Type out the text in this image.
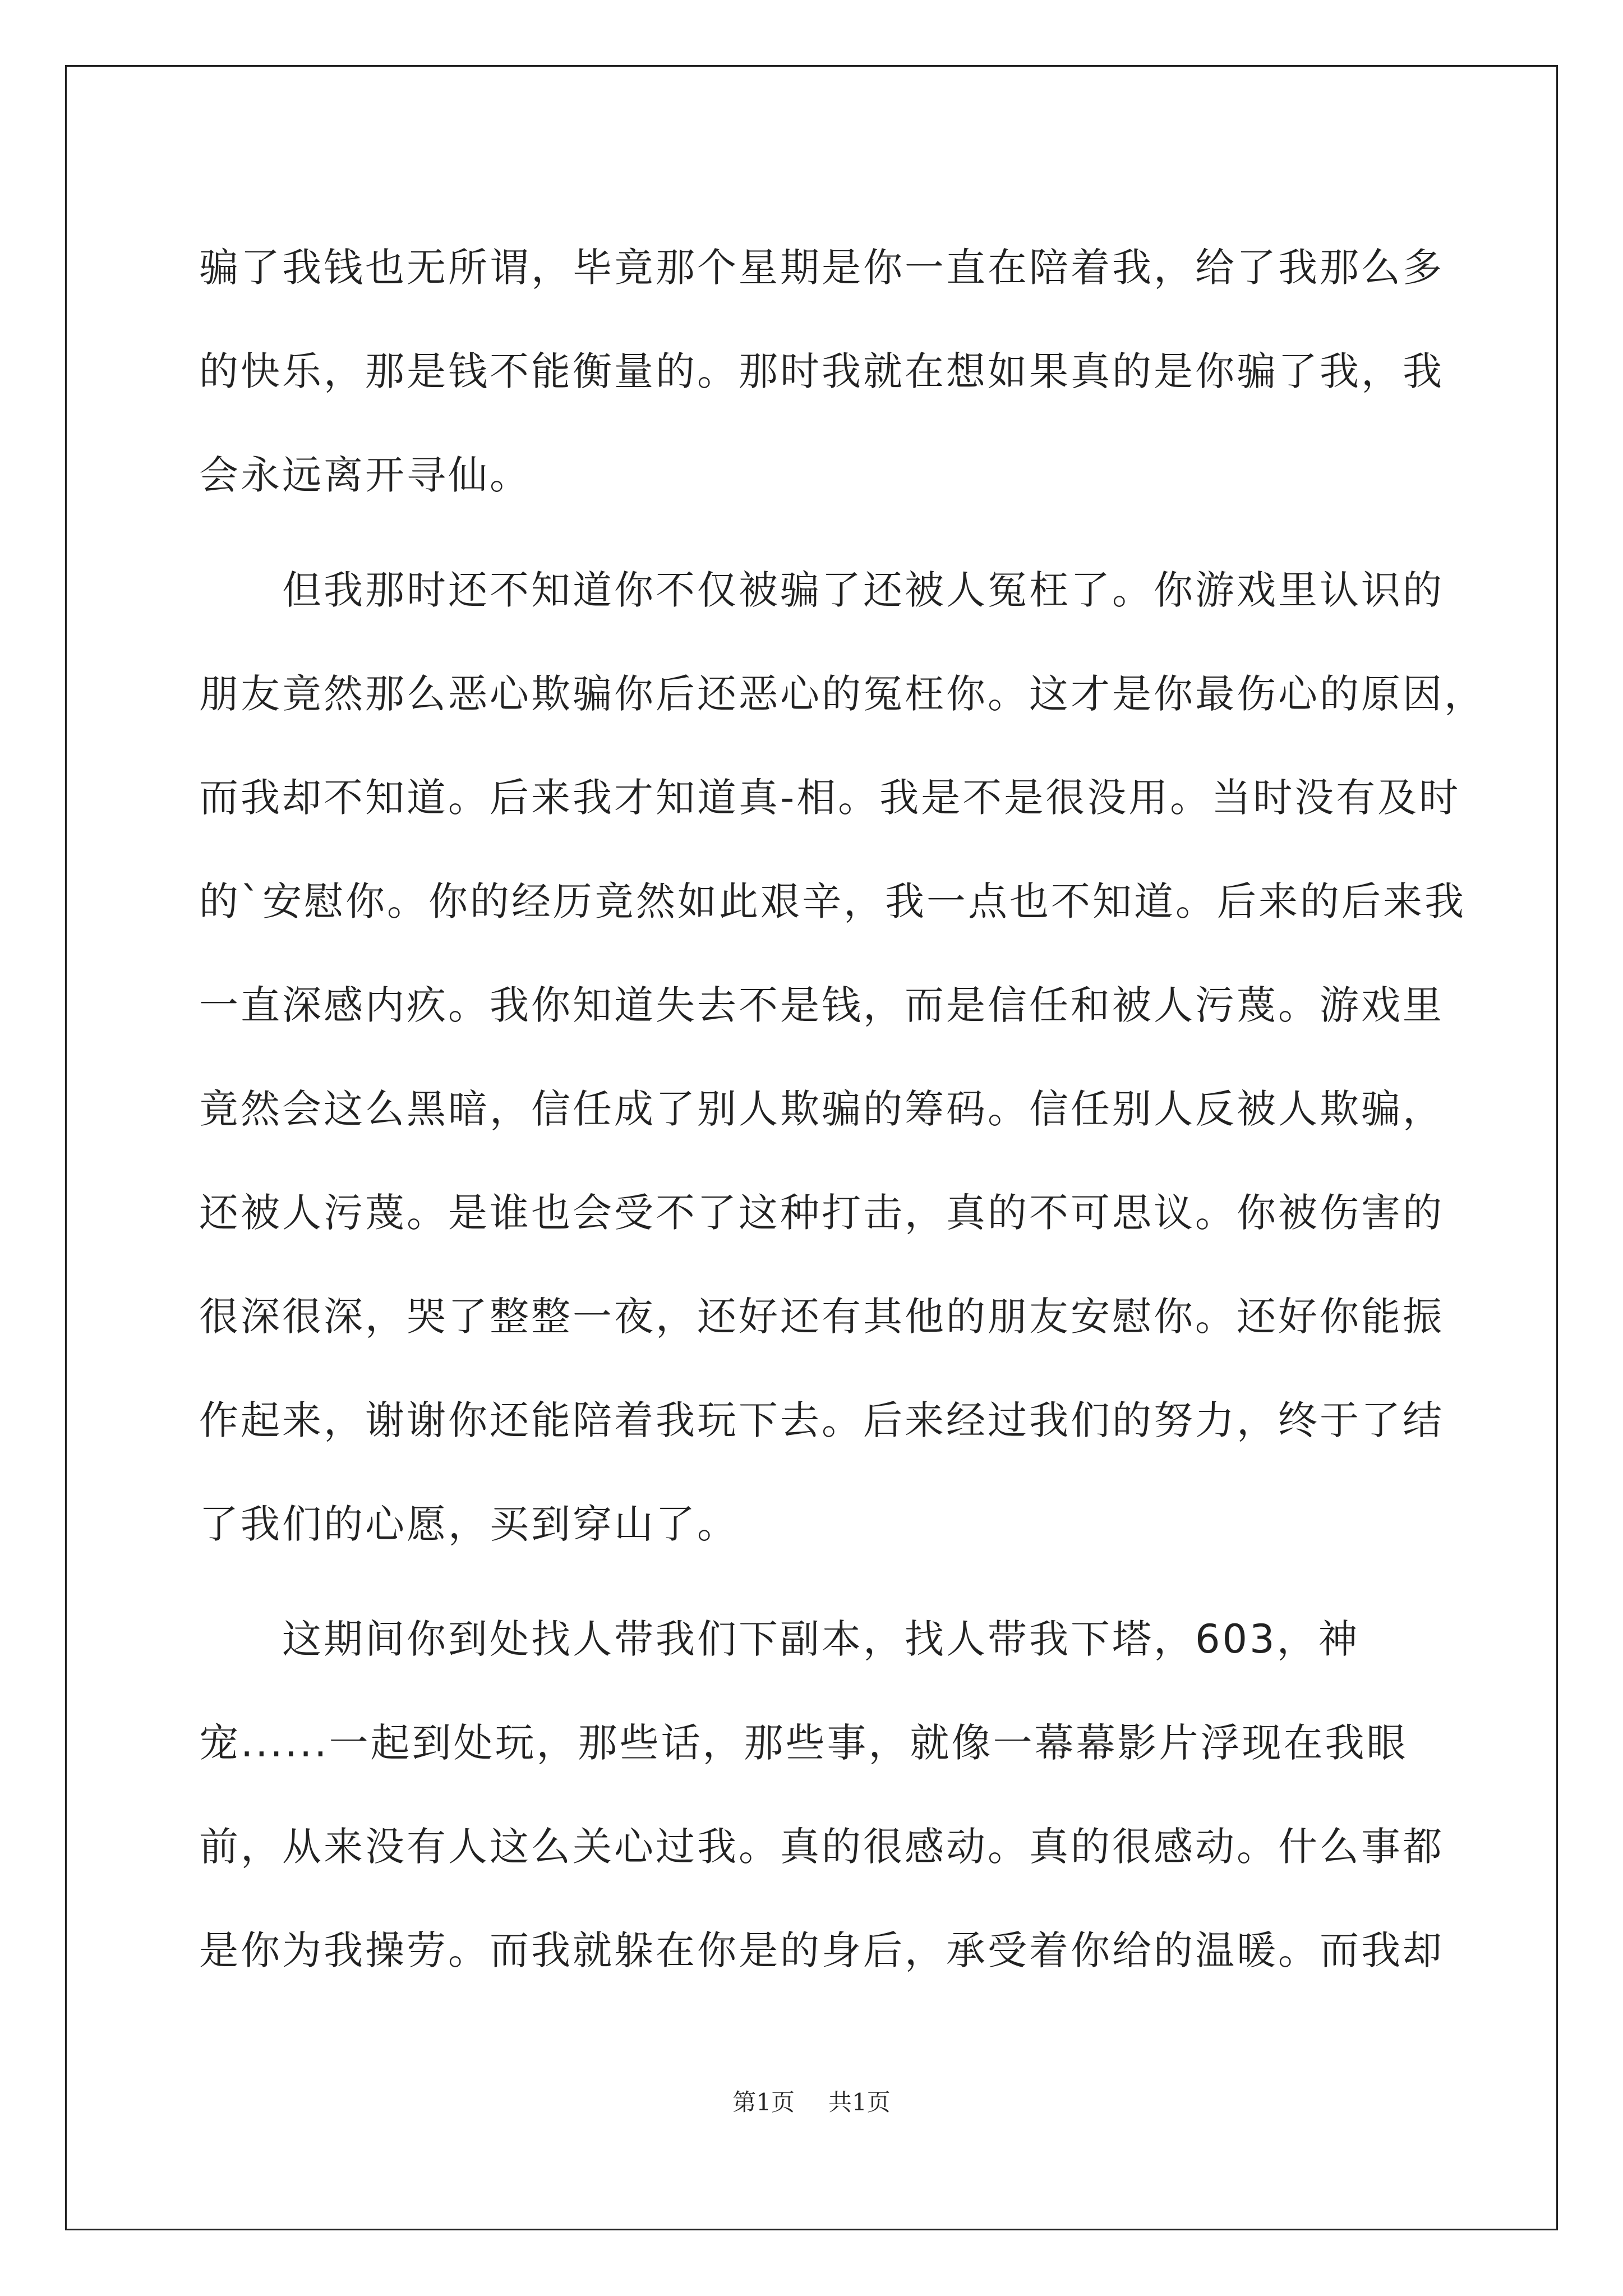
骗了我钱也无所谓，毕竟那个星期是你一直在陪着我，给了我那么多
的快乐，那是钱不能衡量的。那时我就在想如果真的是你骗了我，我
会永远离开寻仙。
　　但我那时还不知道你不仅被骗了还被人冤枉了。你游戏里认识的
朋友竟然那么恶心欺骗你后还恶心的冤枉你。这才是你最伤心的原因，
而我却不知道。后来我才知道真-相。我是不是很没用。当时没有及时
的`安慰你。你的经历竟然如此艰辛，我一点也不知道。后来的后来我
一直深感内疚。我你知道失去不是钱，而是信任和被人污蔑。游戏里
竟然会这么黑暗，信任成了别人欺骗的筹码。信任别人反被人欺骗，
还被人污蔑。是谁也会受不了这种打击，真的不可思议。你被伤害的
很深很深，哭了整整一夜，还好还有其他的朋友安慰你。还好你能振
作起来，谢谢你还能陪着我玩下去。后来经过我们的努力，终于了结
了我们的心愿，买到穿山了。
　　这期间你到处找人带我们下副本，找人带我下塔，603，神
宠......一起到处玩，那些话，那些事，就像一幕幕影片浮现在我眼
前，从来没有人这么关心过我。真的很感动。真的很感动。什么事都
是你为我操劳。而我就躲在你是的身后，承受着你给的温暖。而我却
第1页 共1页
